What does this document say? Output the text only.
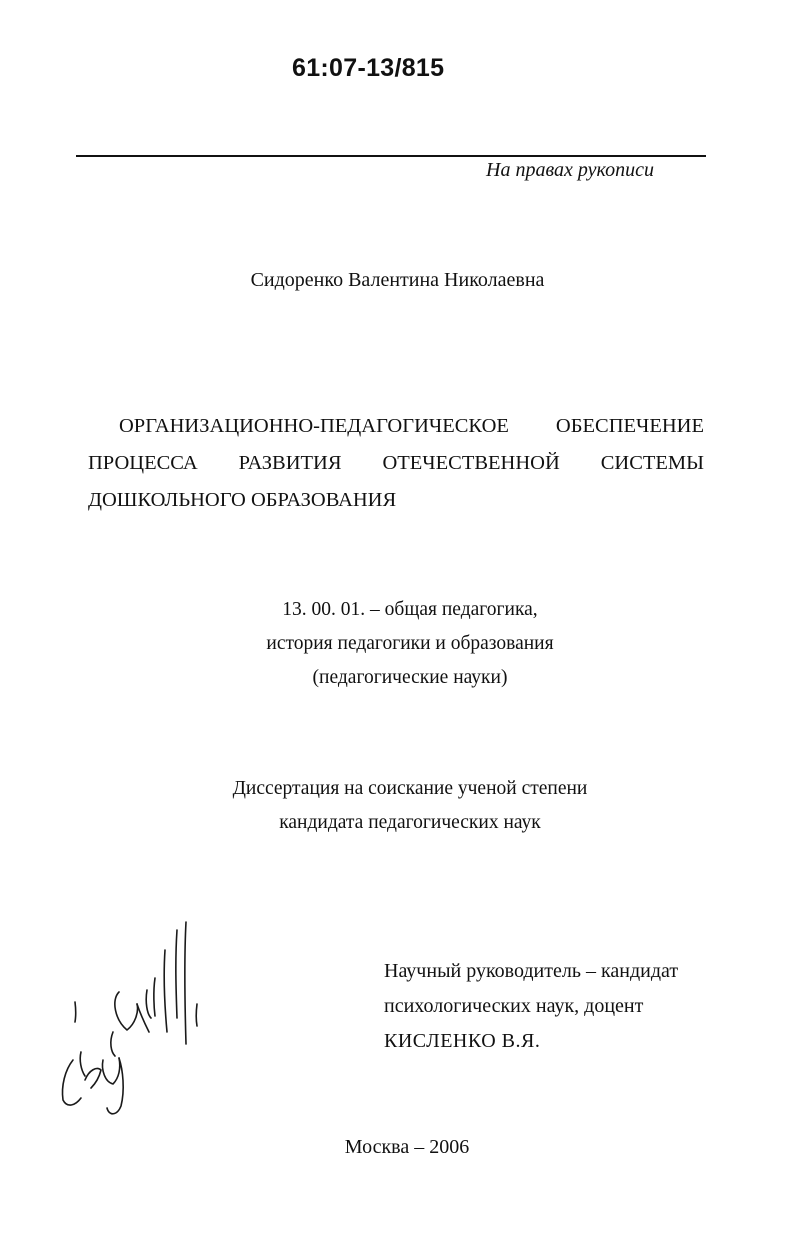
61:07-13/815
На правах рукописи
Сидоренко Валентина Николаевна
ОРГАНИЗАЦИОННО-ПЕДАГОГИЧЕСКОЕ ОБЕСПЕЧЕНИЕ
ПРОЦЕССА РАЗВИТИЯ ОТЕЧЕСТВЕННОЙ СИСТЕМЫ
ДОШКОЛЬНОГО ОБРАЗОВАНИЯ
13. 00. 01. – общая педагогика,
история педагогики и образования
(педагогические науки)
Диссертация на соискание ученой степени
кандидата педагогических наук
Научный руководитель – кандидат
психологических наук, доцент
КИСЛЕНКО В.Я.
Москва – 2006
